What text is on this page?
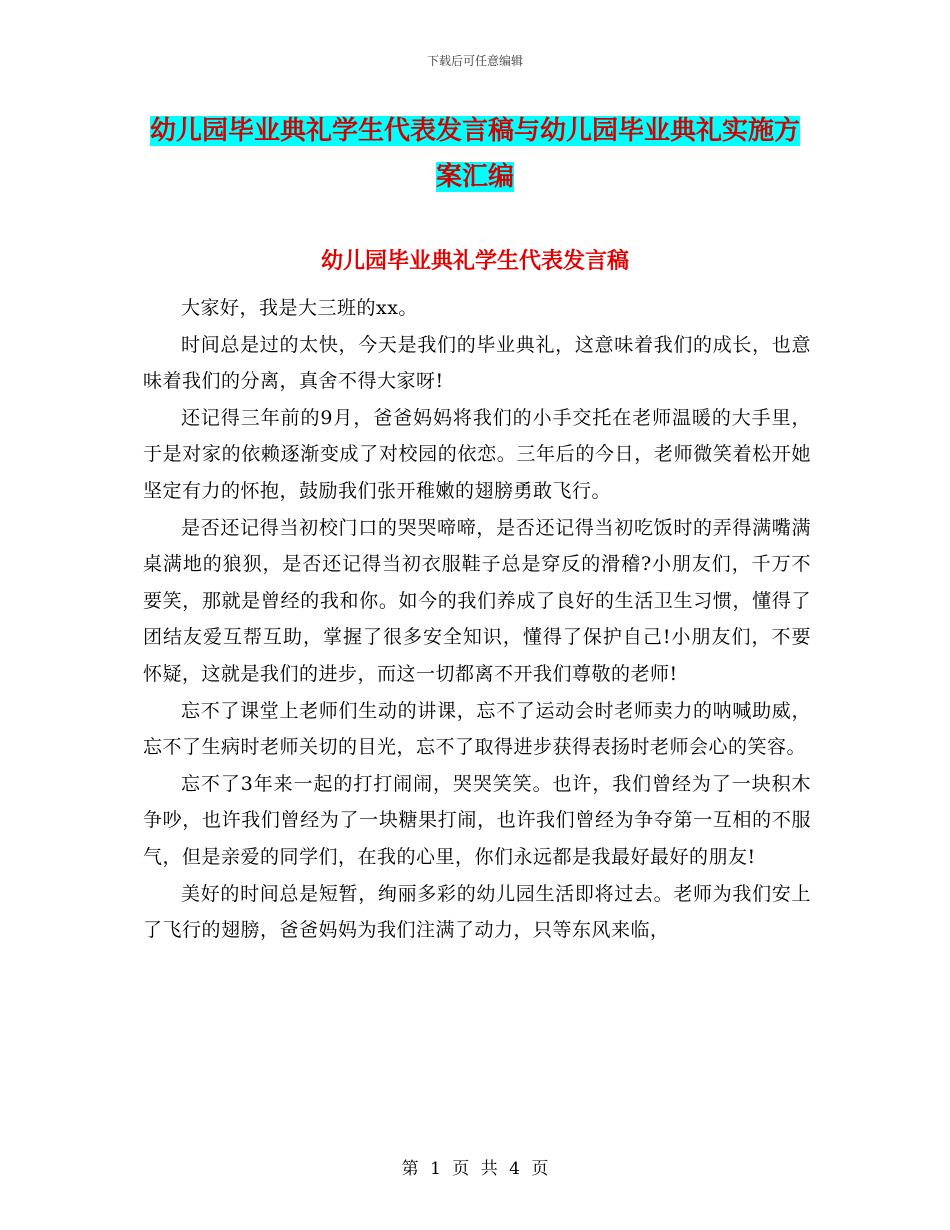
下载后可任意编辑
幼儿园毕业典礼学生代表发言稿与幼儿园毕业典礼实施方案汇编
幼儿园毕业典礼学生代表发言稿

大家好，我是大三班的xx。

时间总是过的太快，今天是我们的毕业典礼，这意味着我们的成长，也意味着我们的分离，真舍不得大家呀!

还记得三年前的9月，爸爸妈妈将我们的小手交托在老师温暖的大手里，于是对家的依赖逐渐变成了对校园的依恋。三年后的今日，老师微笑着松开她坚定有力的怀抱，鼓励我们张开稚嫩的翅膀勇敢飞行。

是否还记得当初校门口的哭哭啼啼，是否还记得当初吃饭时的弄得满嘴满桌满地的狼狈，是否还记得当初衣服鞋子总是穿反的滑稽?小朋友们，千万不要笑，那就是曾经的我和你。如今的我们养成了良好的生活卫生习惯，懂得了团结友爱互帮互助，掌握了很多安全知识，懂得了保护自己!小朋友们，不要怀疑，这就是我们的进步，而这一切都离不开我们尊敬的老师!

忘不了课堂上老师们生动的讲课，忘不了运动会时老师卖力的呐喊助威，忘不了生病时老师关切的目光，忘不了取得进步获得表扬时老师会心的笑容。

忘不了3年来一起的打打闹闹，哭哭笑笑。也许，我们曾经为了一块积木争吵，也许我们曾经为了一块糖果打闹，也许我们曾经为争夺第一互相的不服气，但是亲爱的同学们，在我的心里，你们永远都是我最好最好的朋友!

美好的时间总是短暂，绚丽多彩的幼儿园生活即将过去。老师为我们安上了飞行的翅膀，爸爸妈妈为我们注满了动力，只等东风来临，

第 1 页 共 4 页
